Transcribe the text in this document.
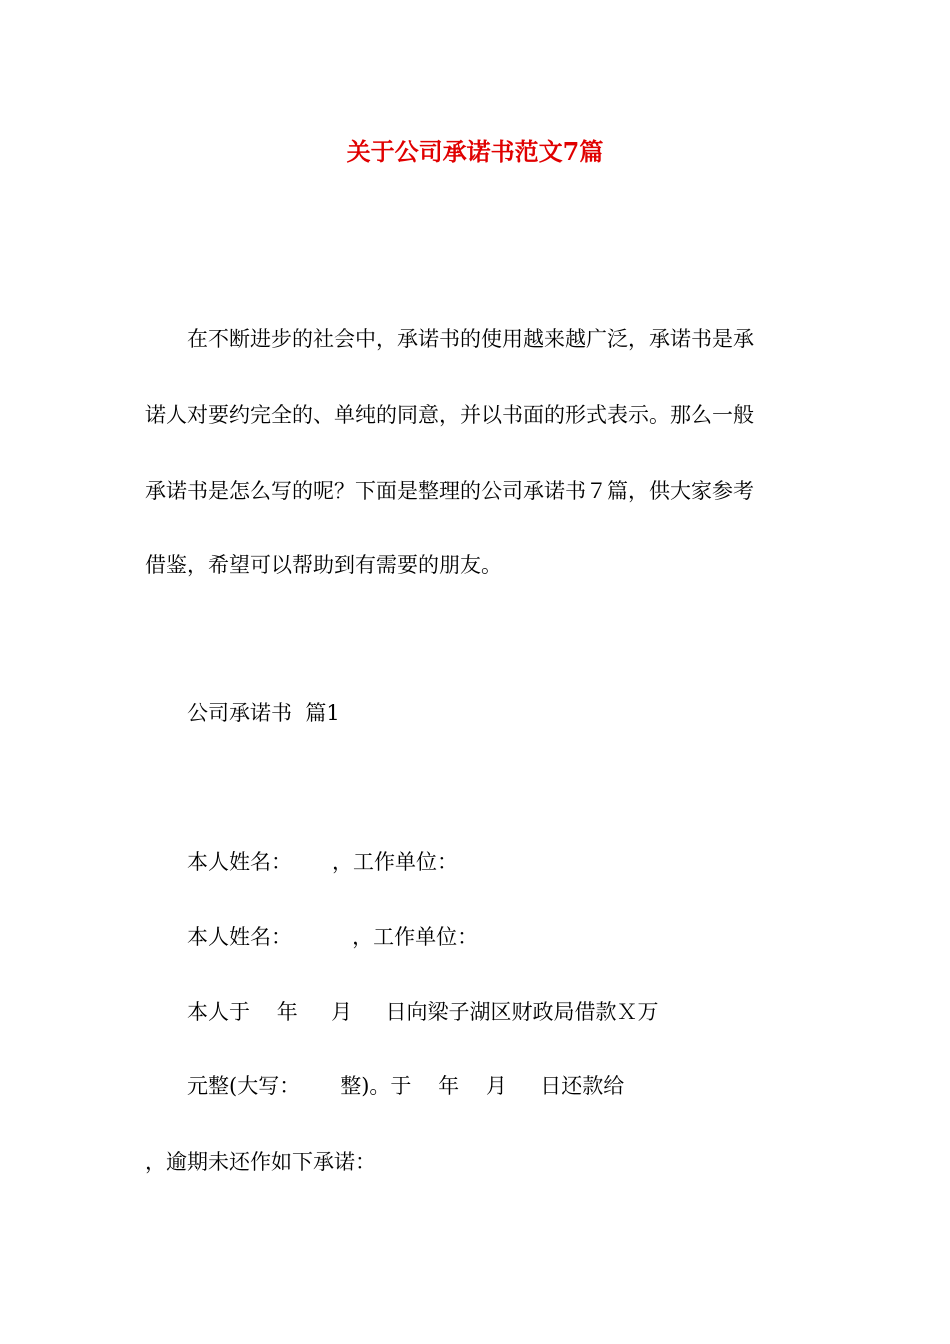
关于公司承诺书范文7篇
　　在不断进步的社会中，承诺书的使用越来越广泛，承诺书是承
诺人对要约完全的、单纯的同意，并以书面的形式表示。那么一般
承诺书是怎么写的呢？下面是整理的公司承诺书７篇，供大家参考
借鉴，希望可以帮助到有需要的朋友。
　　公司承诺书  篇1
　　本人姓名：      ，工作单位：
　　本人姓名：         ，工作单位：
　　本人于    年     月     日向梁子湖区财政局借款Ｘ万
　　元整(大写：      整)。于    年    月     日还款给
，逾期未还作如下承诺：
